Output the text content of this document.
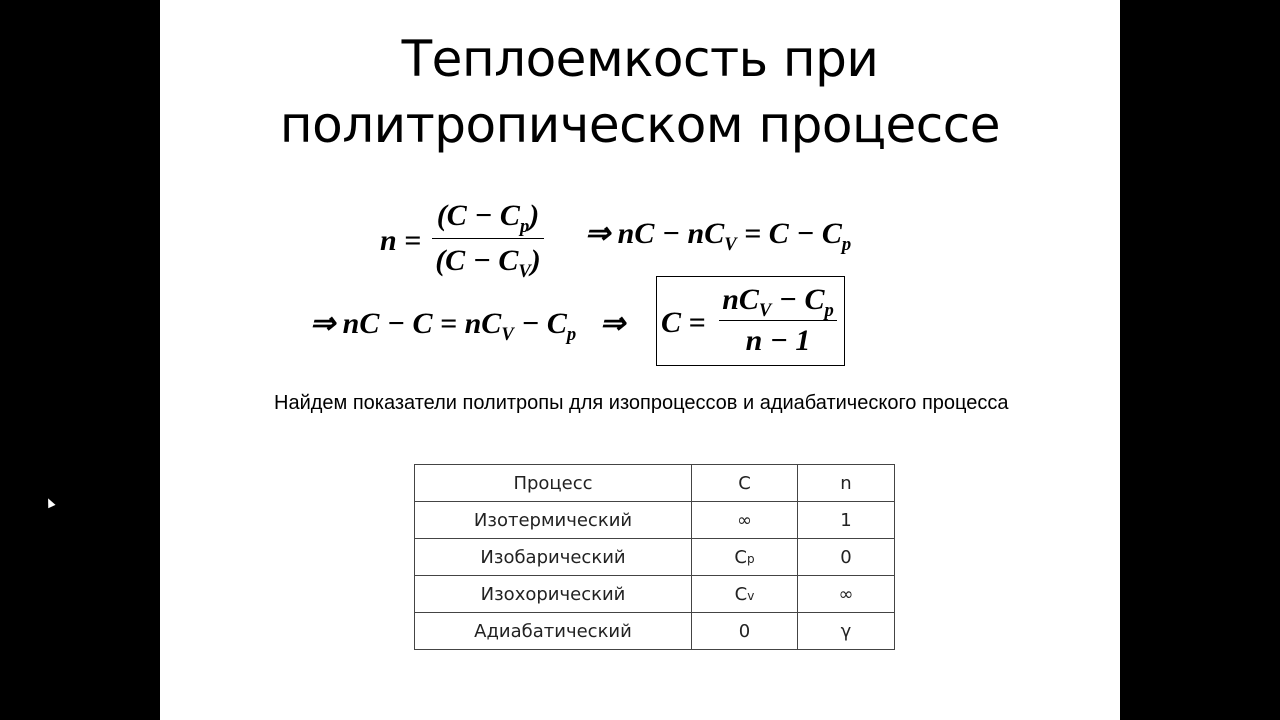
Теплоемкость при
политропическом процессе
n =
$(C - C_p)$
$(C - C_V)$
⇒ nC − $nC_V = C - C_p$
⇒ nC − $C = nC_V - C_p$ ⇒ C =
$nC_V - C_p$
n − 1
Найдем показатели политропы для изопроцессов и адиабатического процесса
Процесс	C	n
Изотермический	∞	1
Изобарический	Cp	0
Изохорический	Cv	∞
Адиабатический	0	γ
